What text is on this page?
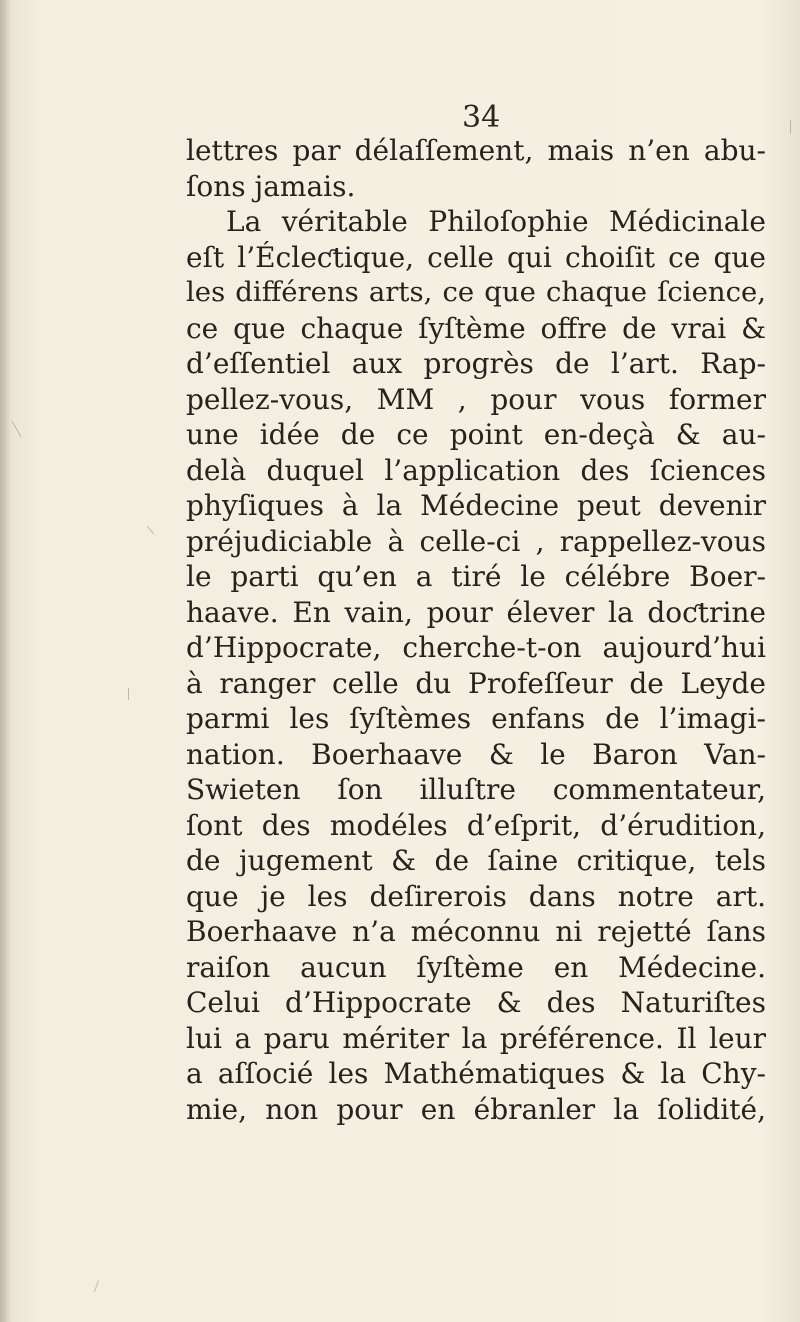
34
lettres par délaſſement, mais n’en abu-
ſons jamais.
La véritable Philoſophie Médicinale
eſt l’Écleƈtique, celle qui choiſit ce que
les différens arts, ce que chaque ſcience,
ce que chaque ſyſtème offre de vrai &
d’eſſentiel aux progrès de l’art. Rap-
pellez-vous, MM , pour vous former
une idée de ce point en-deçà & au-
delà duquel l’application des ſciences
phyſiques à la Médecine peut devenir
préjudiciable à celle-ci , rappellez-vous
le parti qu’en a tiré le célébre Boer-
haave. En vain, pour élever la doƈtrine
d’Hippocrate, cherche-t-on aujourd’hui
à ranger celle du Profeſſeur de Leyde
parmi les ſyſtèmes enfans de l’imagi-
nation. Boerhaave & le Baron Van-
Swieten ſon illuſtre commentateur,
ſont des modéles d’eſprit, d’érudition,
de jugement & de ſaine critique, tels
que je les deſirerois dans notre art.
Boerhaave n’a méconnu ni rejetté ſans
raiſon aucun ſyſtème en Médecine.
Celui d’Hippocrate & des Naturiſtes
lui a paru mériter la préférence. Il leur
a aſſocié les Mathématiques & la Chy-
mie, non pour en ébranler la ſolidité,
